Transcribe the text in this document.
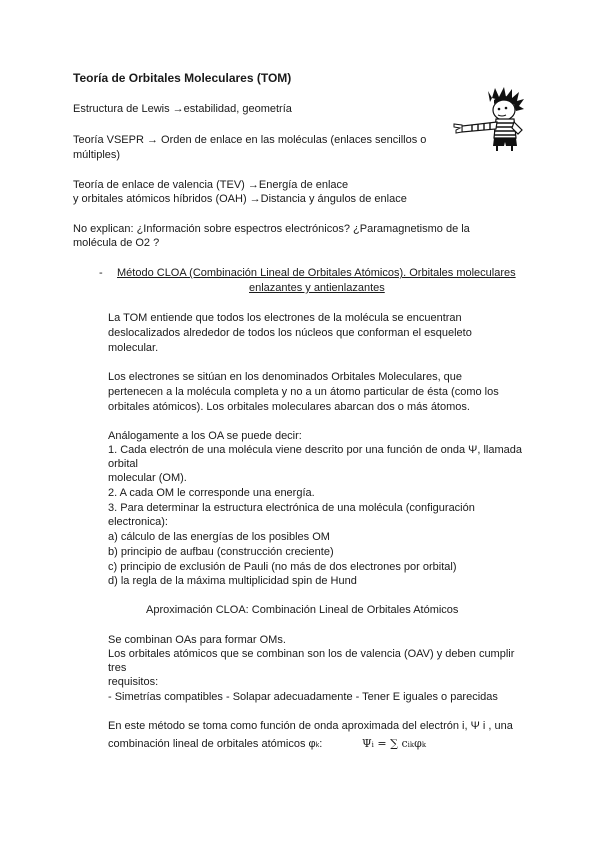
Teoría de Orbitales Moleculares (TOM)
Estructura de Lewis →estabilidad, geometría
Teoría VSEPR → Orden de enlace en las moléculas (enlaces sencillos o
múltiples)
Teoría de enlace de valencia (TEV) →Energía de enlace
y orbitales atómicos híbridos (OAH) →Distancia y ángulos de enlace
No explican: ¿Información sobre espectros electrónicos? ¿Paramagnetismo de la
molécula de O2 ?
- Método CLOA (Combinación Lineal de Orbitales Atómicos). Orbitales moleculares
enlazantes y antienlazantes
La TOM entiende que todos los electrones de la molécula se encuentran
deslocalizados alrededor de todos los núcleos que conforman el esqueleto
molecular.
Los electrones se sitúan en los denominados Orbitales Moleculares, que
pertenecen a la molécula completa y no a un átomo particular de ésta (como los
orbitales atómicos). Los orbitales moleculares abarcan dos o más átomos.
Análogamente a los OA se puede decir:
1. Cada electrón de una molécula viene descrito por una función de onda Ψ, llamada
orbital
molecular (OM).
2. A cada OM le corresponde una energía.
3. Para determinar la estructura electrónica de una molécula (configuración
electronica):
a) cálculo de las energías de los posibles OM
b) principio de aufbau (construcción creciente)
c) principio de exclusión de Pauli (no más de dos electrones por orbital)
d) la regla de la máxima multiplicidad spin de Hund
Aproximación CLOA: Combinación Lineal de Orbitales Atómicos
Se combinan OAs para formar OMs.
Los orbitales atómicos que se combinan son los de valencia (OAV) y deben cumplir
tres
requisitos:
- Simetrías compatibles - Solapar adecuadamente - Tener E iguales o parecidas
En este método se toma como función de onda aproximada del electrón i, Ψ i , una
combinación lineal de orbitales atómicos φk:	Ψi = ∑ cikφk
